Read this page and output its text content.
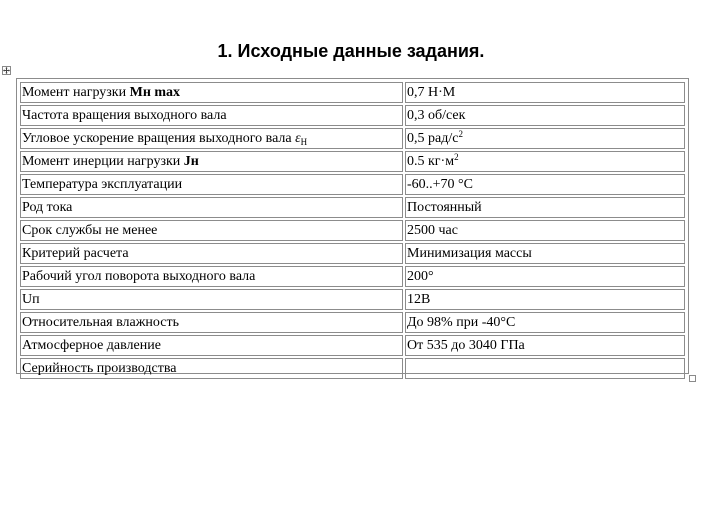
1. Исходные данные задания.
Момент нагрузки Мн max	0,7 Н·М
Частота вращения выходного вала	0,3 об/сек
Угловое ускорение вращения выходного вала $\varepsilon_Н$	0,5 рад/$с^2$
Момент инерции нагрузки Jн	0.5 $кг\cdot м^2$
Температура эксплуатации	-60..+70 °С
Род тока	Постоянный
Срок службы не менее	2500 час
Критерий расчета	Минимизация массы
Рабочий угол поворота выходного вала	200°
Uп	12В
Относительная влажность	До 98% при -40°С
Атмосферное давление	От 535 до 3040 ГПа
Серийность производства	
